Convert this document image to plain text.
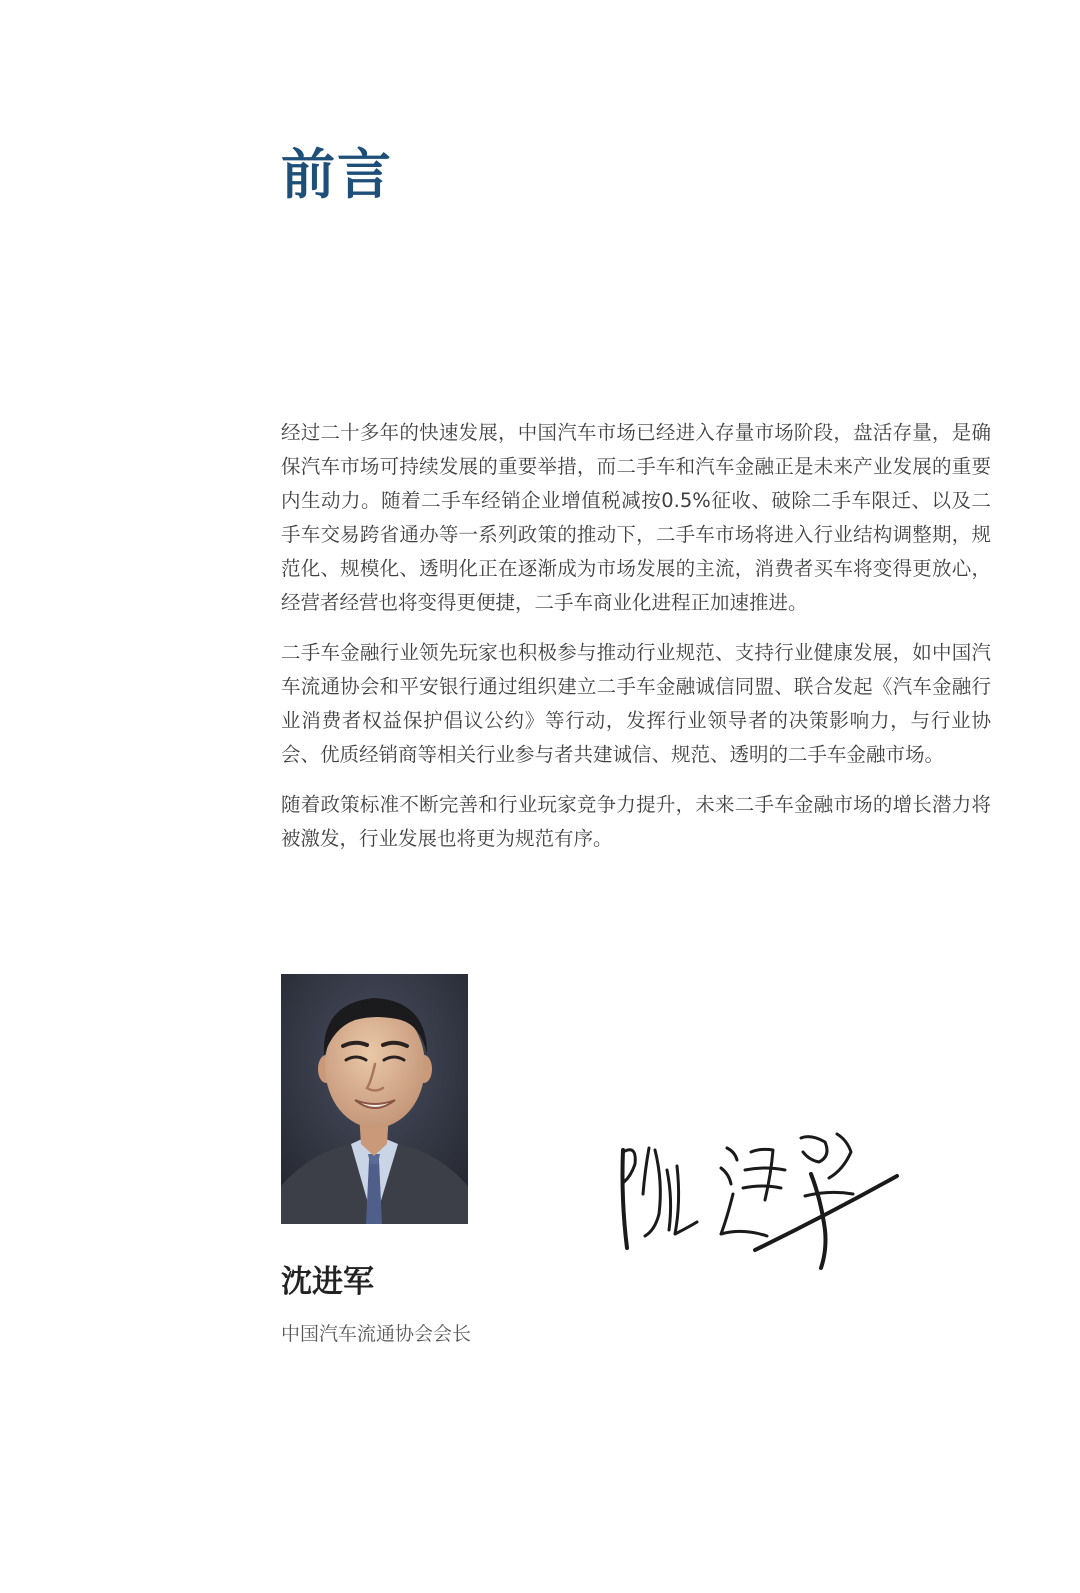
前言

经过二十多年的快速发展，中国汽车市场已经进入存量市场阶段，盘活存量，是确保汽车市场可持续发展的重要举措，而二手车和汽车金融正是未来产业发展的重要内生动力。随着二手车经销企业增值税减按0.5%征收、破除二手车限迁、以及二手车交易跨省通办等一系列政策的推动下，二手车市场将进入行业结构调整期，规范化、规模化、透明化正在逐渐成为市场发展的主流，消费者买车将变得更放心，经营者经营也将变得更便捷，二手车商业化进程正加速推进。

二手车金融行业领先玩家也积极参与推动行业规范、支持行业健康发展，如中国汽车流通协会和平安银行通过组织建立二手车金融诚信同盟、联合发起《汽车金融行业消费者权益保护倡议公约》等行动，发挥行业领导者的决策影响力，与行业协会、优质经销商等相关行业参与者共建诚信、规范、透明的二手车金融市场。

随着政策标准不断完善和行业玩家竞争力提升，未来二手车金融市场的增长潜力将被激发，行业发展也将更为规范有序。

沈进军

中国汽车流通协会会长
